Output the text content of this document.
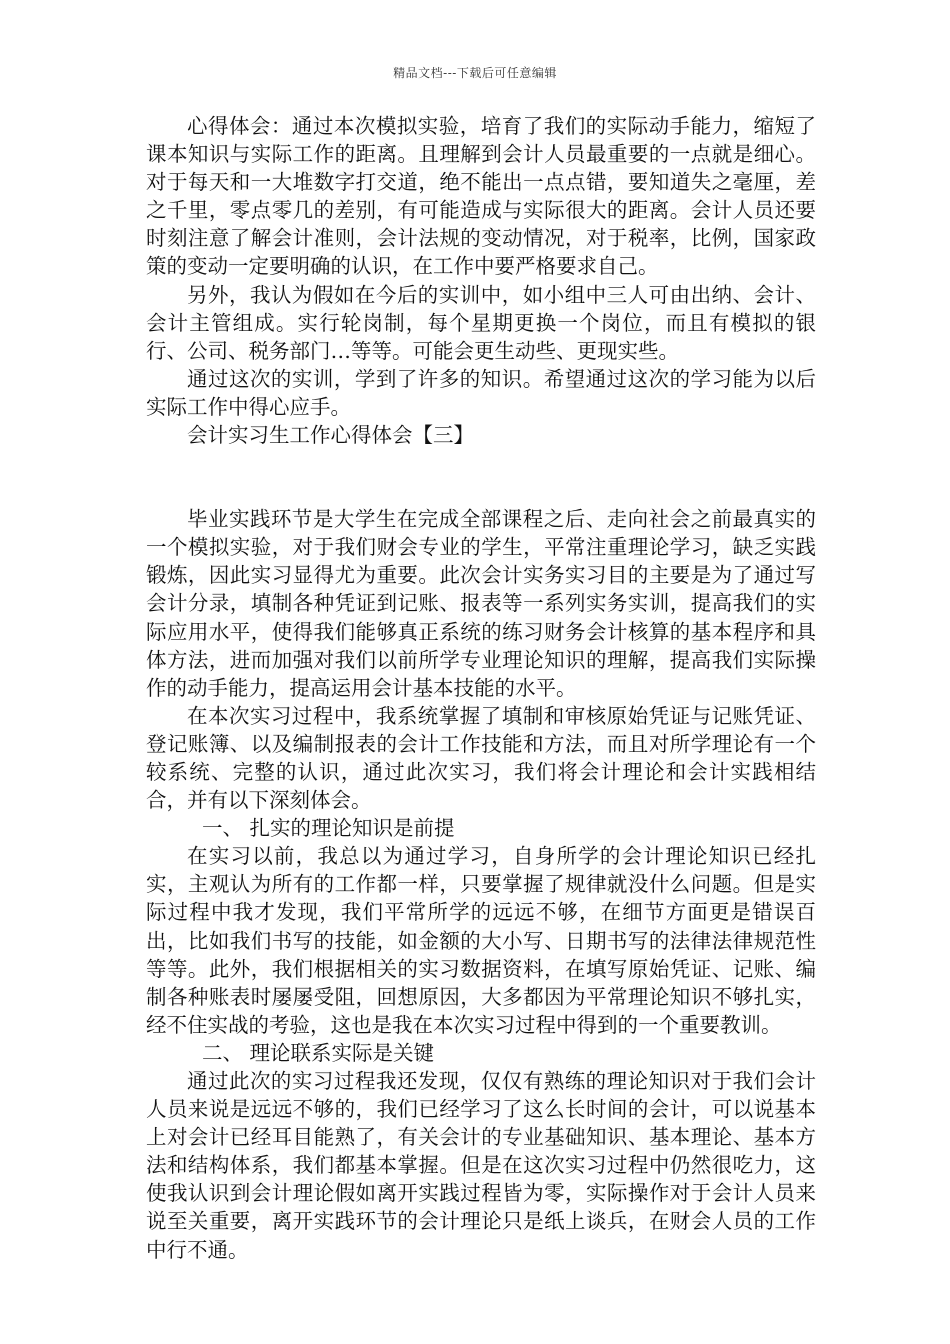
精品文档---下载后可任意编辑

心得体会：通过本次模拟实验，培育了我们的实际动手能力，缩短了课本知识与实际工作的距离。且理解到会计人员最重要的一点就是细心。对于每天和一大堆数字打交道，绝不能出一点点错，要知道失之毫厘，差之千里，零点零几的差别，有可能造成与实际很大的距离。会计人员还要时刻注意了解会计准则，会计法规的变动情况，对于税率，比例，国家政策的变动一定要明确的认识，在工作中要严格要求自己。

另外，我认为假如在今后的实训中，如小组中三人可由出纳、会计、会计主管组成。实行轮岗制，每个星期更换一个岗位，而且有模拟的银行、公司、税务部门…等等。可能会更生动些、更现实些。

通过这次的实训，学到了许多的知识。希望通过这次的学习能为以后实际工作中得心应手。

会计实习生工作心得体会【三】

毕业实践环节是大学生在完成全部课程之后、走向社会之前最真实的一个模拟实验，对于我们财会专业的学生，平常注重理论学习，缺乏实践锻炼，因此实习显得尤为重要。此次会计实务实习目的主要是为了通过写会计分录，填制各种凭证到记账、报表等一系列实务实训，提高我们的实际应用水平，使得我们能够真正系统的练习财务会计核算的基本程序和具体方法，进而加强对我们以前所学专业理论知识的理解，提高我们实际操作的动手能力，提高运用会计基本技能的水平。

在本次实习过程中，我系统掌握了填制和审核原始凭证与记账凭证、登记账簿、以及编制报表的会计工作技能和方法，而且对所学理论有一个较系统、完整的认识，通过此次实习，我们将会计理论和会计实践相结合，并有以下深刻体会。

一、 扎实的理论知识是前提

在实习以前，我总以为通过学习，自身所学的会计理论知识已经扎实，主观认为所有的工作都一样，只要掌握了规律就没什么问题。但是实际过程中我才发现，我们平常所学的远远不够，在细节方面更是错误百出，比如我们书写的技能，如金额的大小写、日期书写的法律法律规范性等等。此外，我们根据相关的实习数据资料，在填写原始凭证、记账、编制各种账表时屡屡受阻，回想原因，大多都因为平常理论知识不够扎实，经不住实战的考验，这也是我在本次实习过程中得到的一个重要教训。

二、 理论联系实际是关键

通过此次的实习过程我还发现，仅仅有熟练的理论知识对于我们会计人员来说是远远不够的，我们已经学习了这么长时间的会计，可以说基本上对会计已经耳目能熟了，有关会计的专业基础知识、基本理论、基本方法和结构体系，我们都基本掌握。但是在这次实习过程中仍然很吃力，这使我认识到会计理论假如离开实践过程皆为零，实际操作对于会计人员来说至关重要，离开实践环节的会计理论只是纸上谈兵，在财会人员的工作中行不通。
